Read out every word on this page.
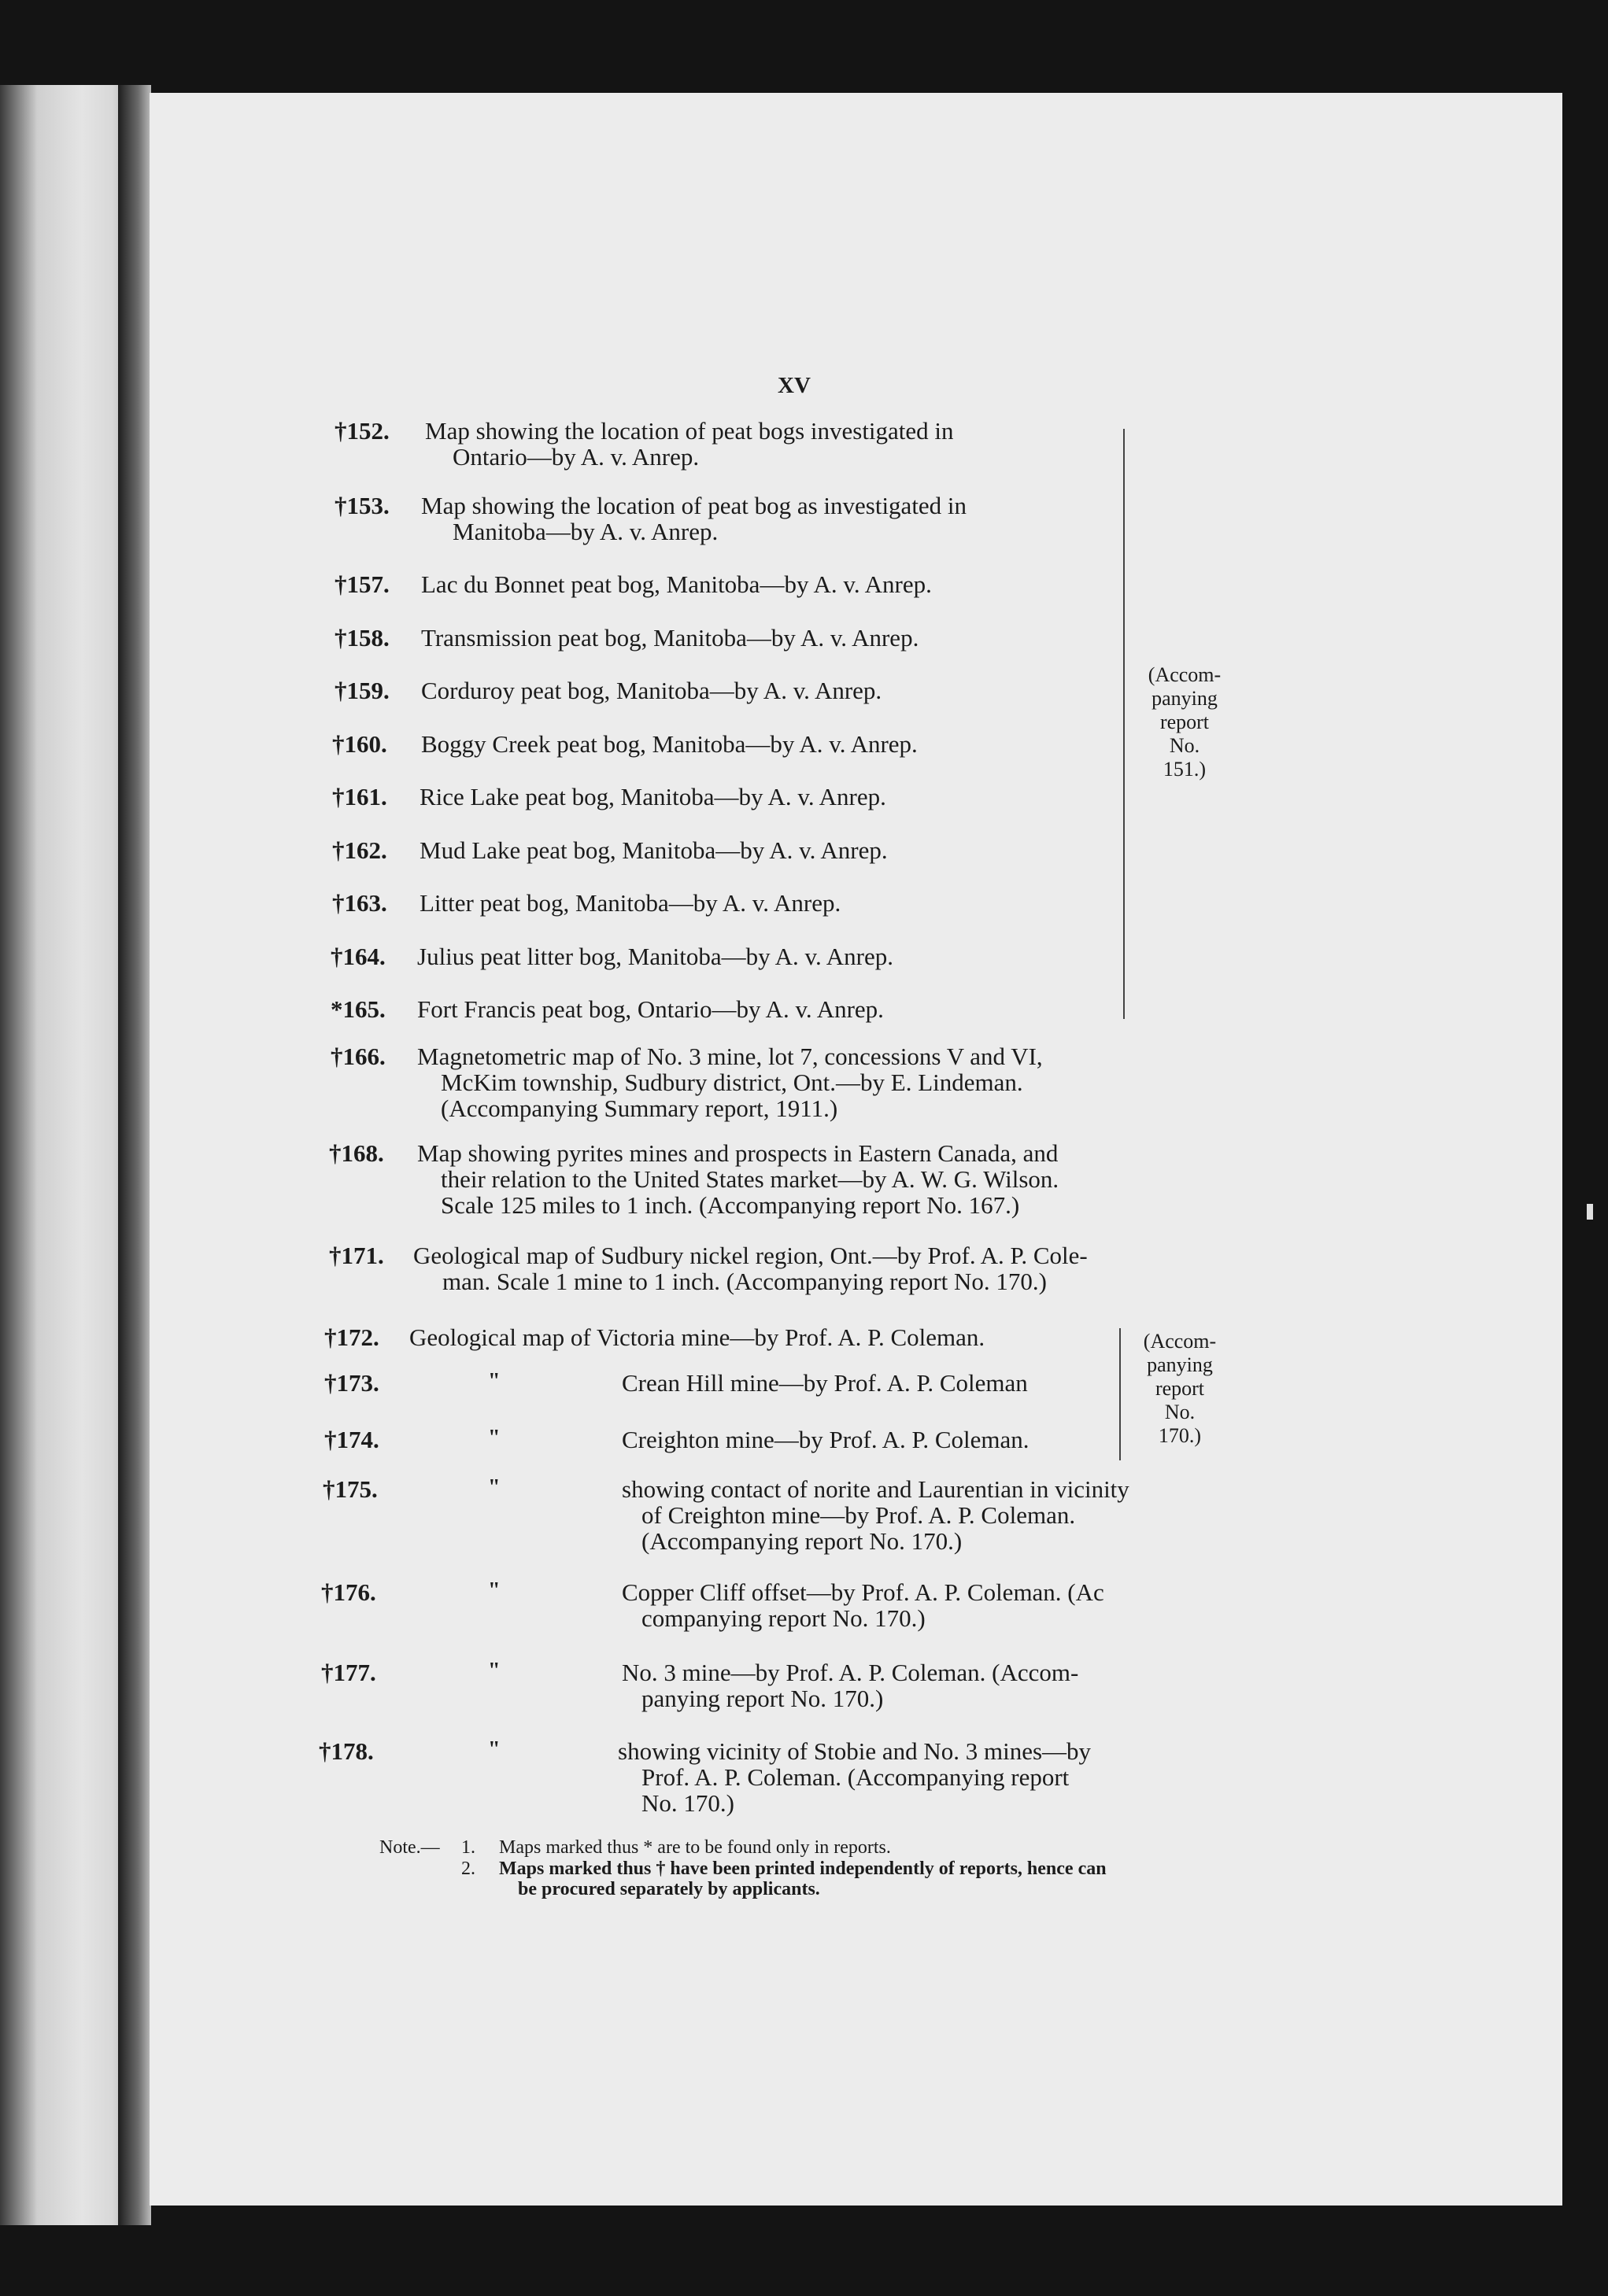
XV
†152. Map showing the location of peat bogs investigated in
Ontario—by A. v. Anrep.
†153. Map showing the location of peat bog as investigated in
Manitoba—by A. v. Anrep.
†157. Lac du Bonnet peat bog, Manitoba—by A. v. Anrep.
†158. Transmission peat bog, Manitoba—by A. v. Anrep.
†159. Corduroy peat bog, Manitoba—by A. v. Anrep.
†160. Boggy Creek peat bog, Manitoba—by A. v. Anrep.
†161. Rice Lake peat bog, Manitoba—by A. v. Anrep.
†162. Mud Lake peat bog, Manitoba—by A. v. Anrep.
†163. Litter peat bog, Manitoba—by A. v. Anrep.
†164. Julius peat litter bog, Manitoba—by A. v. Anrep.
*165. Fort Francis peat bog, Ontario—by A. v. Anrep.
†166. Magnetometric map of No. 3 mine, lot 7, concessions V and VI,
McKim township, Sudbury district, Ont.—by E. Lindeman.
(Accompanying Summary report, 1911.)
†168. Map showing pyrites mines and prospects in Eastern Canada, and
their relation to the United States market—by A. W. G. Wilson.
Scale 125 miles to 1 inch. (Accompanying report No. 167.)
†171. Geological map of Sudbury nickel region, Ont.—by Prof. A. P. Cole-
man. Scale 1 mine to 1 inch. (Accompanying report No. 170.)
†172. Geological map of Victoria mine—by Prof. A. P. Coleman.
†173.	"	Crean Hill mine—by Prof. A. P. Coleman
†174.	"	Creighton mine—by Prof. A. P. Coleman.
†175.	"	showing contact of norite and Laurentian in vicinity
of Creighton mine—by Prof. A. P. Coleman.
(Accompanying report No. 170.)
†176.	"	Copper Cliff offset—by Prof. A. P. Coleman. (Ac
companying report No. 170.)
†177.	"	No. 3 mine—by Prof. A. P. Coleman. (Accom-
panying report No. 170.)
†178.	"	showing vicinity of Stobie and No. 3 mines—by
Prof. A. P. Coleman. (Accompanying report
No. 170.)
(Accom-
panying
report
No.
151.)
(Accom-
panying
report
No.
170.)
Note.— 1. Maps marked thus * are to be found only in reports.
2. Maps marked thus † have been printed independently of reports, hence can
be procured separately by applicants.
